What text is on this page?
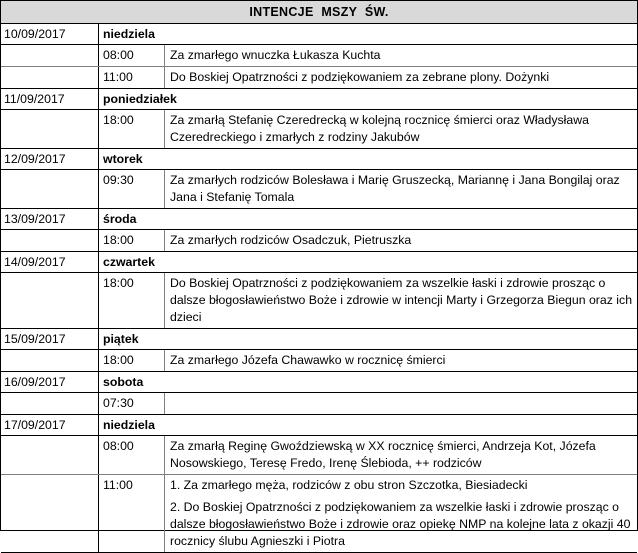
INTENCJE MSZY ŚW.
10/09/2017	niedziela
08:00	Za zmarłego wnuczka Łukasza Kuchta
11:00	Do Boskiej Opatrzności z podziękowaniem za zebrane plony. Dożynki
11/09/2017	poniedziałek
18:00	Za zmarłą Stefanię Czeredrecką w kolejną rocznicę śmierci oraz Władysława Czeredreckiego i zmarłych z rodziny Jakubów
12/09/2017	wtorek
09:30	Za zmarłych rodziców Bolesława i Marię Gruszecką, Mariannę i Jana Bongilaj oraz Jana i Stefanię Tomala
13/09/2017	środa
18:00	Za zmarłych rodziców Osadczuk, Pietruszka
14/09/2017	czwartek
18:00	Do Boskiej Opatrzności z podziękowaniem za wszelkie łaski i zdrowie prosząc o dalsze błogosławieństwo Boże i zdrowie w intencji Marty i Grzegorza Biegun oraz ich dzieci
15/09/2017	piątek
18:00	Za zmarłego Józefa Chawawko w rocznicę śmierci
16/09/2017	sobota
07:30

17/09/2017	niedziela
08:00	Za zmarłą Reginę Gwoździewską w XX rocznicę śmierci, Andrzeja Kot, Józefa Nosowskiego, Teresę Fredo, Irenę Ślebioda, ++ rodziców
11:00	1. Za zmarłego męża, rodziców z obu stron Szczotka, Biesiadecki
2. Do Boskiej Opatrzności z podziękowaniem za wszelkie łaski i zdrowie prosząc o dalsze błogosławieństwo Boże i zdrowie oraz opiekę NMP na kolejne lata z okazji 40 rocznicy ślubu Agnieszki i Piotra
